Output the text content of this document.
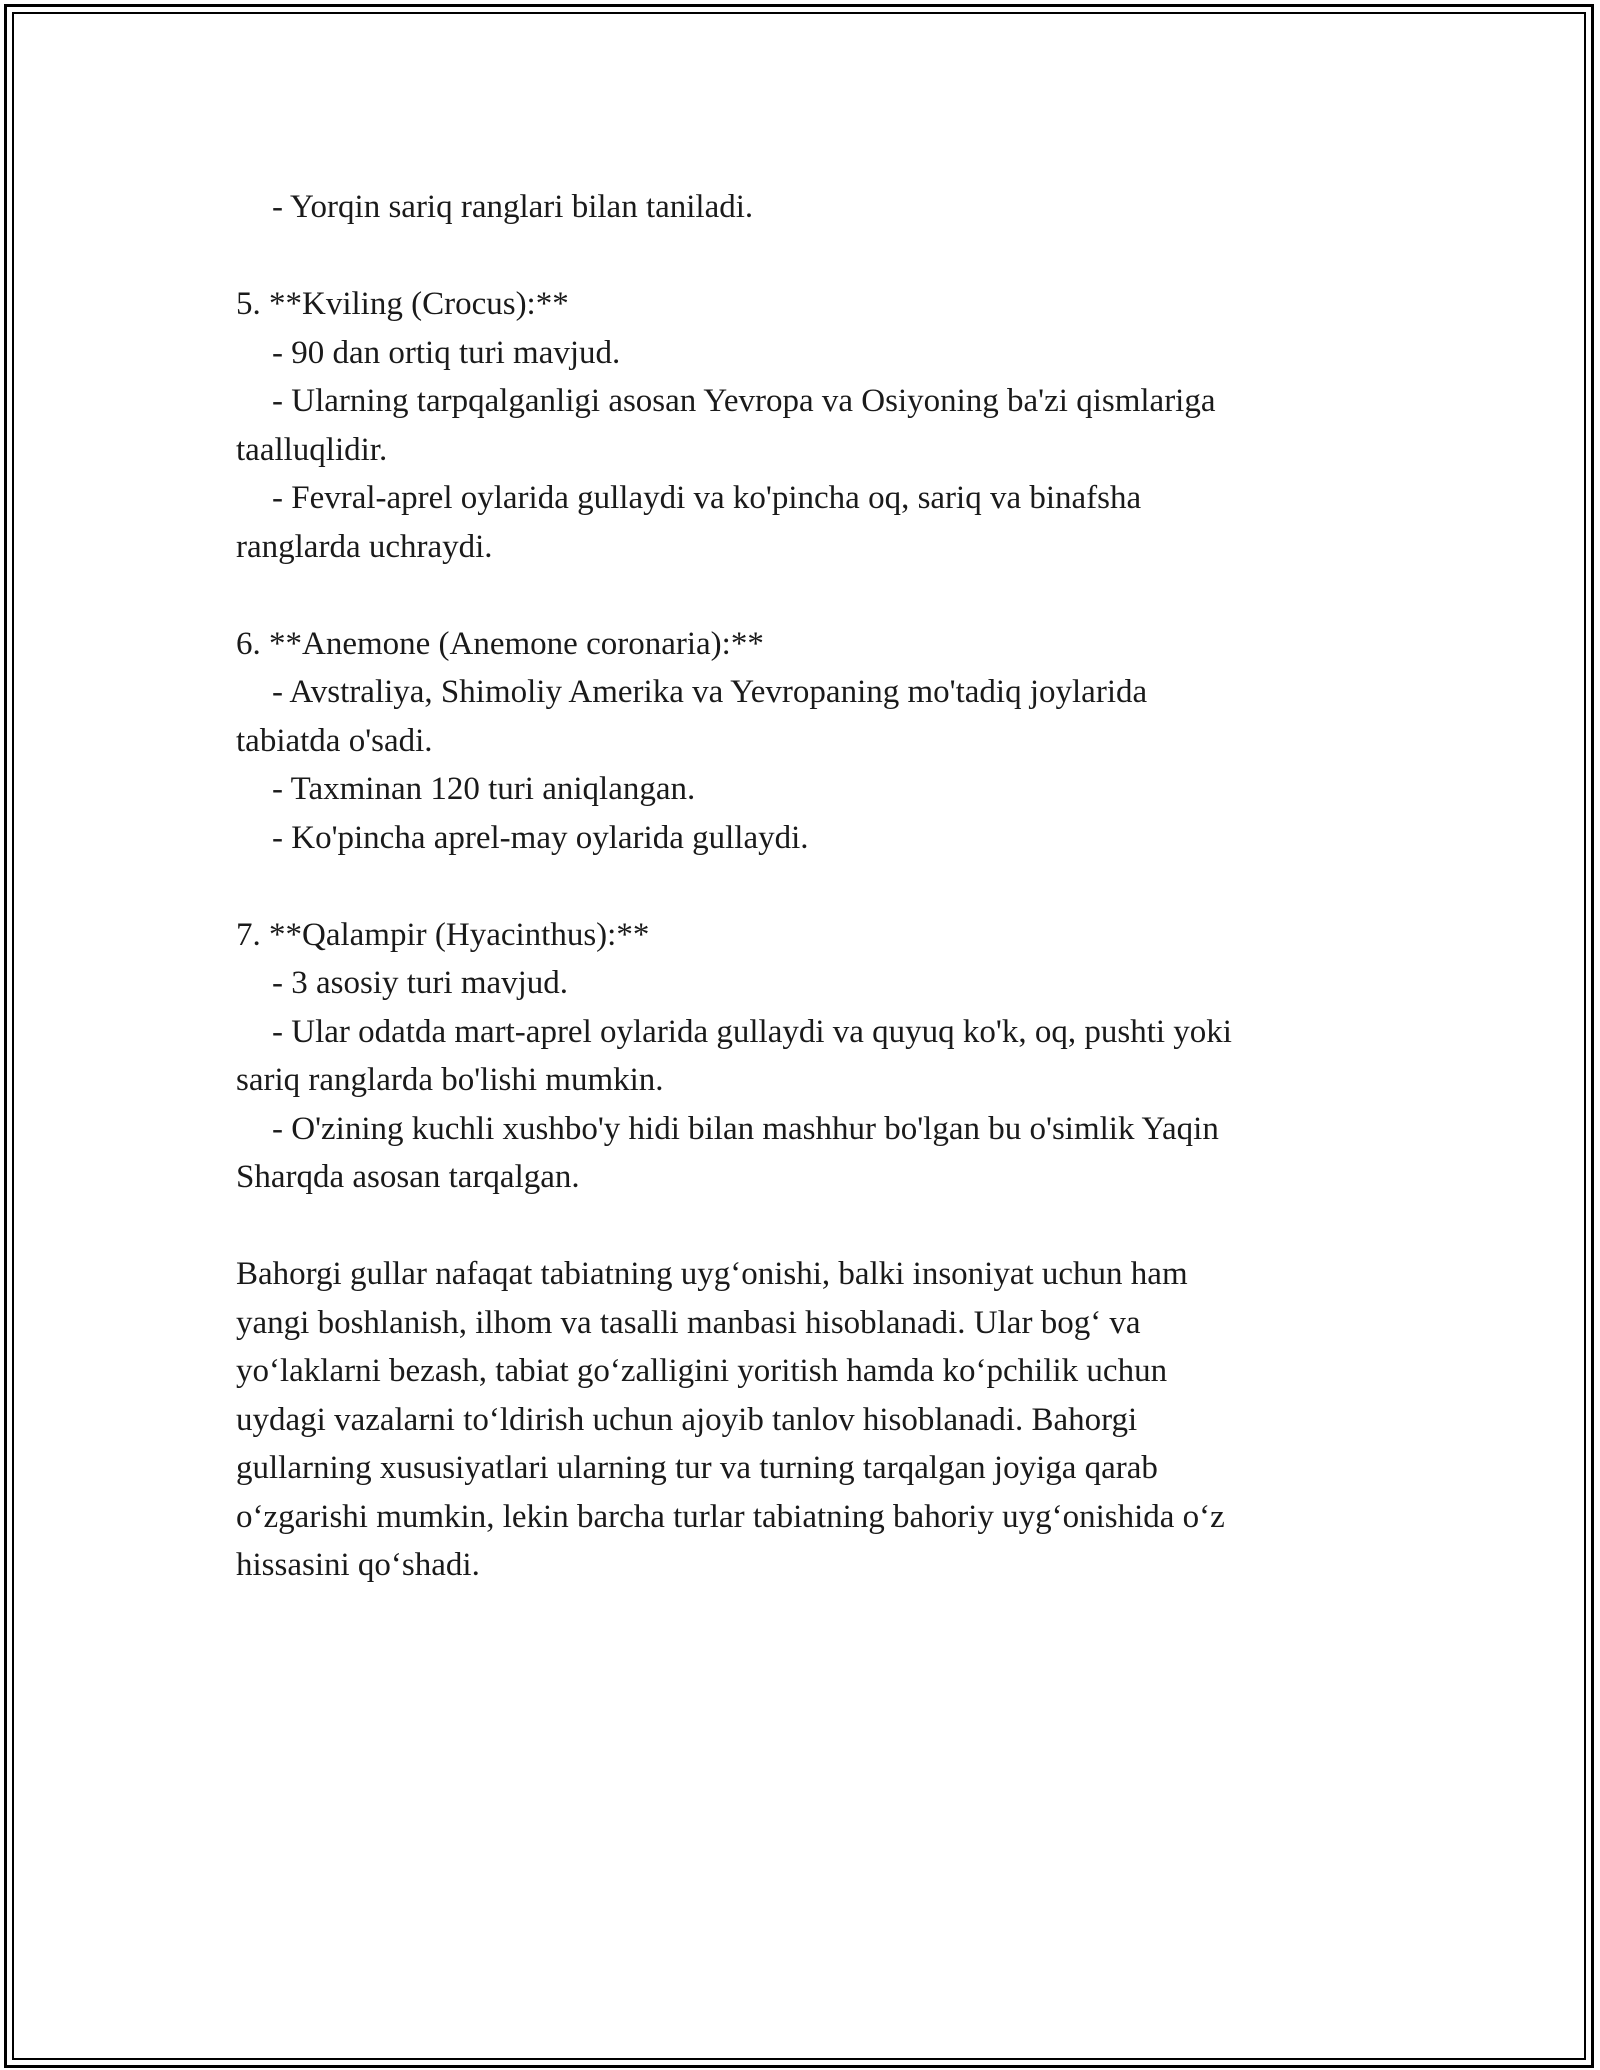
- Yorqin sariq ranglari bilan taniladi.
5. **Kviling (Crocus):**
- 90 dan ortiq turi mavjud.
- Ularning tarpqalganligi asosan Yevropa va Osiyoning ba'zi qismlariga
taalluqlidir.
- Fevral-aprel oylarida gullaydi va ko'pincha oq, sariq va binafsha
ranglarda uchraydi.
6. **Anemone (Anemone coronaria):**
- Avstraliya, Shimoliy Amerika va Yevropaning mo'tadiq joylarida
tabiatda o'sadi.
- Taxminan 120 turi aniqlangan.
- Ko'pincha aprel-may oylarida gullaydi.
7. **Qalampir (Hyacinthus):**
- 3 asosiy turi mavjud.
- Ular odatda mart-aprel oylarida gullaydi va quyuq ko'k, oq, pushti yoki
sariq ranglarda bo'lishi mumkin.
- O'zining kuchli xushbo'y hidi bilan mashhur bo'lgan bu o'simlik Yaqin
Sharqda asosan tarqalgan.
Bahorgi gullar nafaqat tabiatning uyg‘onishi, balki insoniyat uchun ham
yangi boshlanish, ilhom va tasalli manbasi hisoblanadi. Ular bog‘ va
yo‘laklarni bezash, tabiat go‘zalligini yoritish hamda ko‘pchilik uchun
uydagi vazalarni to‘ldirish uchun ajoyib tanlov hisoblanadi. Bahorgi
gullarning xususiyatlari ularning tur va turning tarqalgan joyiga qarab
o‘zgarishi mumkin, lekin barcha turlar tabiatning bahoriy uyg‘onishida o‘z
hissasini qo‘shadi.
